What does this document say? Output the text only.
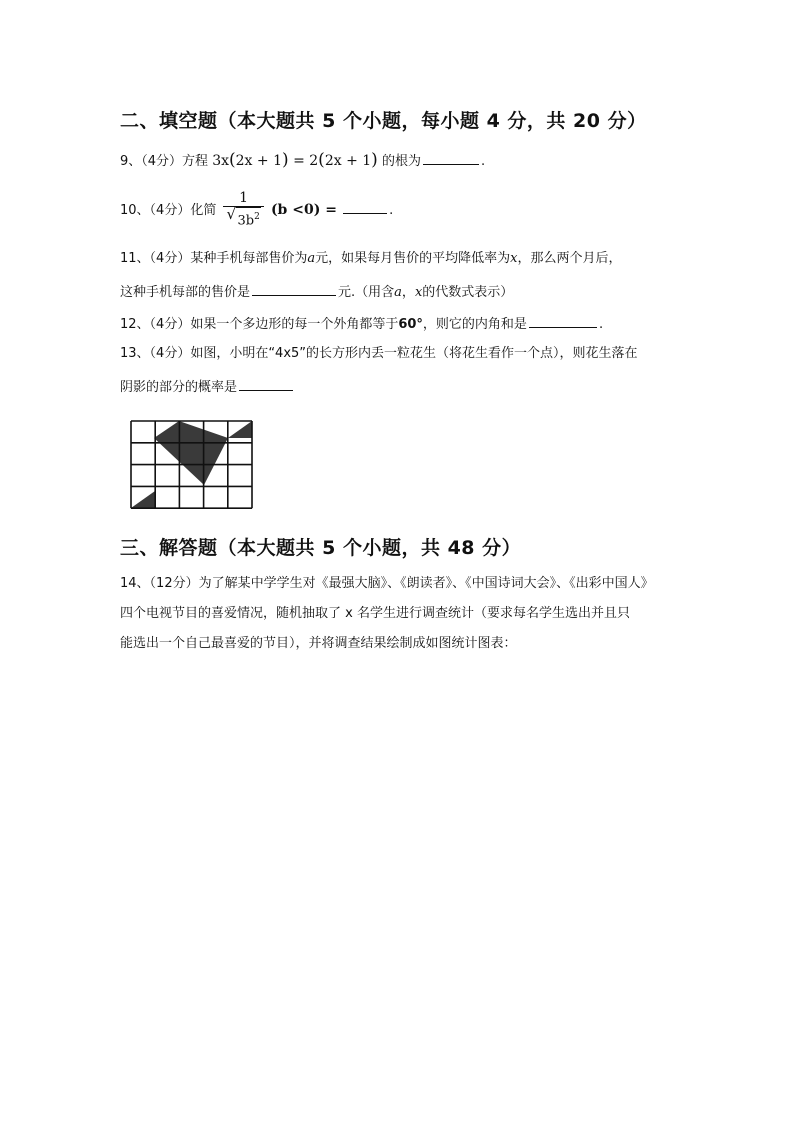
二、填空题（本大题共 5 个小题，每小题 4 分，共 20 分）
9、（4分）方程 3x(2x + 1) = 2(2x + 1) 的根为	.
10、（4分）化简 $\frac{1}{√ 3b^2} (b <0)$ =	.
11、（4分）某种手机每部售价为a元，如果每月售价的平均降低率为x，那么两个月后，
这种手机每部的售价是	元.（用含a，x的代数式表示）
12、（4分）如果一个多边形的每一个外角都等于60°，则它的内角和是	.
13、（4分）如图，小明在“4x5”的长方形内丢一粒花生（将花生看作一个点），则花生落在
阴影的部分的概率是
三、解答题（本大题共 5 个小题，共 48 分）
14、（12分）为了解某中学学生对《最强大脑》、《朗读者》、《中国诗词大会》、《出彩中国人》
四个电视节目的喜爱情况，随机抽取了 x 名学生进行调查统计（要求每名学生选出并且只
能选出一个自己最喜爱的节目），并将调查结果绘制成如图统计图表：
